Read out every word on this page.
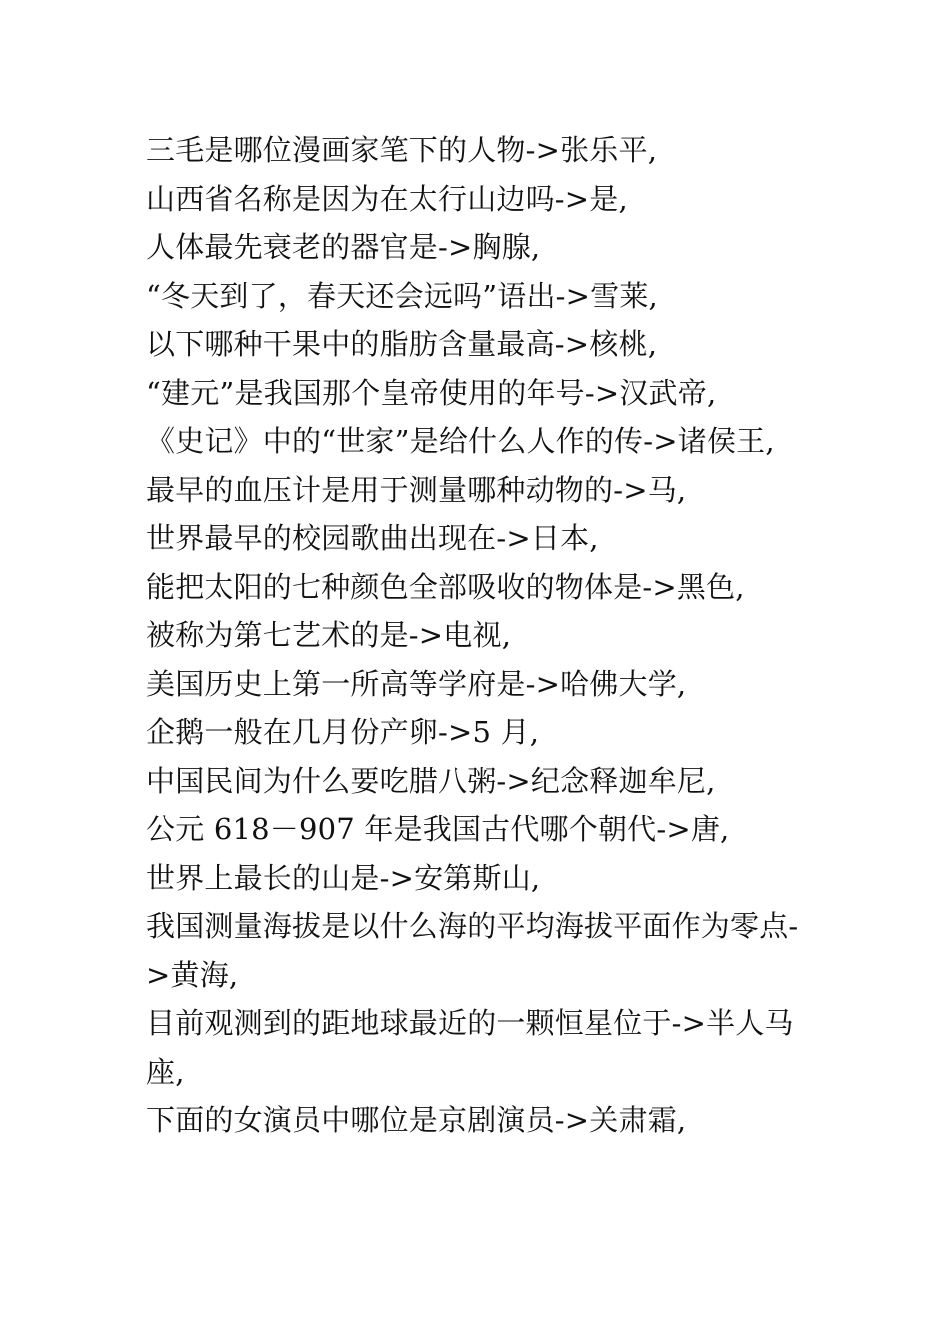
三毛是哪位漫画家笔下的人物->张乐平,

山西省名称是因为在太行山边吗->是,

人体最先衰老的器官是->胸腺,

“冬天到了，春天还会远吗”语出->雪莱,

以下哪种干果中的脂肪含量最高->核桃,

“建元”是我国那个皇帝使用的年号->汉武帝,

《史记》中的“世家”是给什么人作的传->诸侯王,

最早的血压计是用于测量哪种动物的->马,

世界最早的校园歌曲出现在->日本,

能把太阳的七种颜色全部吸收的物体是->黑色,

被称为第七艺术的是->电视,

美国历史上第一所高等学府是->哈佛大学,

企鹅一般在几月份产卵->5 月,

中国民间为什么要吃腊八粥->纪念释迦牟尼,

公元 618－907 年是我国古代哪个朝代->唐,

世界上最长的山是->安第斯山,

我国测量海拔是以什么海的平均海拔平面作为零点->黄海,

目前观测到的距地球最近的一颗恒星位于->半人马座,

下面的女演员中哪位是京剧演员->关肃霜,
